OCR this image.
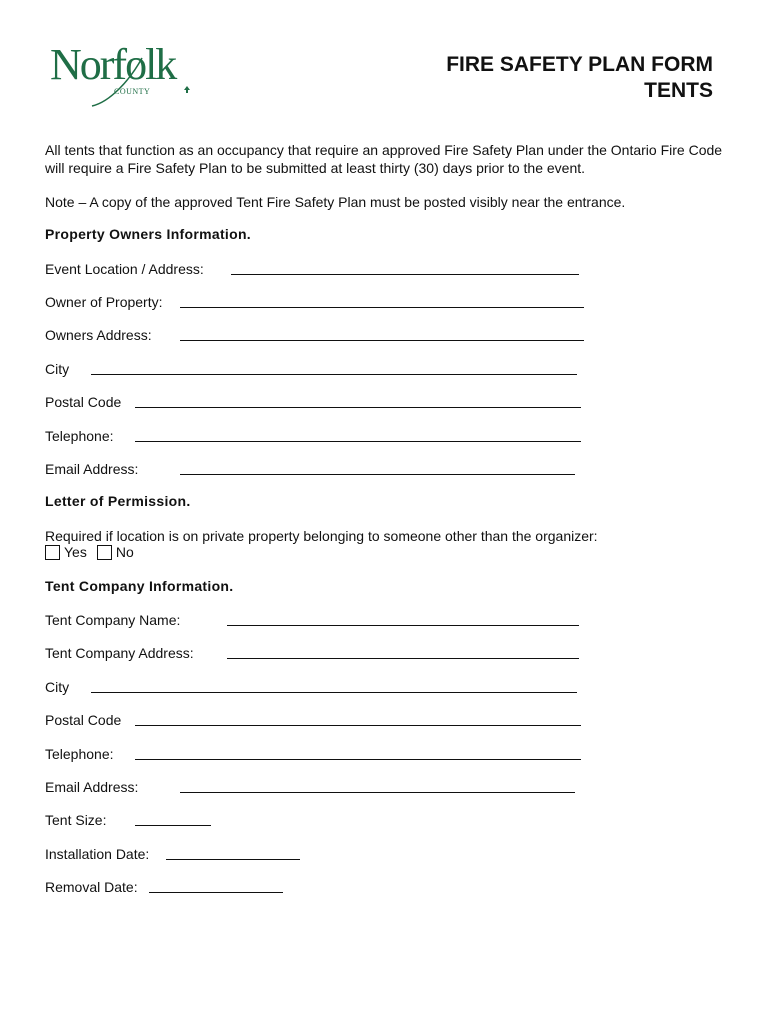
Norfolk
COUNTY
FIRE SAFETY PLAN FORM
TENTS
All tents that function as an occupancy that require an approved Fire Safety Plan under the Ontario Fire Code will require a Fire Safety Plan to be submitted at least thirty (30) days prior to the event.
Note – A copy of the approved Tent Fire Safety Plan must be posted visibly near the entrance.
Property Owners Information.
Event Location / Address:
Owner of Property:
Owners Address:
City
Postal Code
Telephone:
Email Address:
Letter of Permission.
Required if location is on private property belonging to someone other than the organizer:
Yes No
Tent Company Information.
Tent Company Name:
Tent Company Address:
City
Postal Code
Telephone:
Email Address:
Tent Size:
Installation Date:
Removal Date:
